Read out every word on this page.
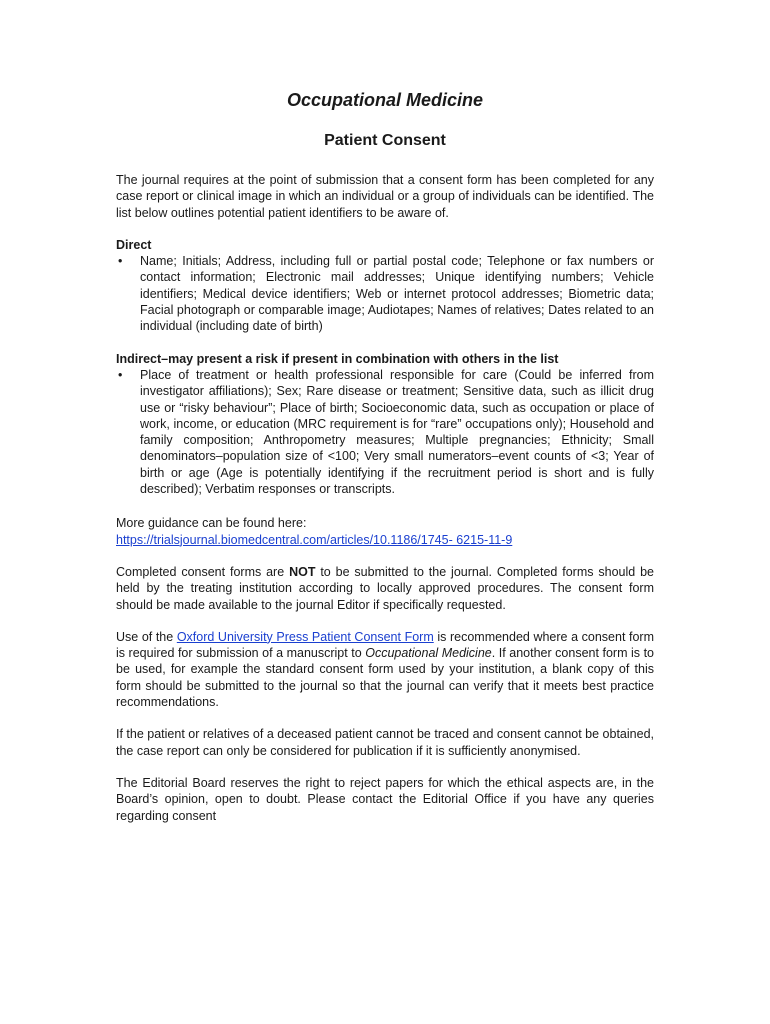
Occupational Medicine
Patient Consent

The journal requires at the point of submission that a consent form has been completed for any case report or clinical image in which an individual or a group of individuals can be identified. The list below outlines potential patient identifiers to be aware of.

Direct
• Name; Initials; Address, including full or partial postal code; Telephone or fax numbers or contact information; Electronic mail addresses; Unique identifying numbers; Vehicle identifiers; Medical device identifiers; Web or internet protocol addresses; Biometric data; Facial photograph or comparable image; Audiotapes; Names of relatives; Dates related to an individual (including date of birth)
Indirect–may present a risk if present in combination with others in the list
• Place of treatment or health professional responsible for care (Could be inferred from investigator affiliations); Sex; Rare disease or treatment; Sensitive data, such as illicit drug use or “risky behaviour”; Place of birth; Socioeconomic data, such as occupation or place of work, income, or education (MRC requirement is for “rare” occupations only); Household and family composition; Anthropometry measures; Multiple pregnancies; Ethnicity; Small denominators–population size of <100; Very small numerators–event counts of <3; Year of birth or age (Age is potentially identifying if the recruitment period is short and is fully described); Verbatim responses or transcripts.

More guidance can be found here:
https://trialsjournal.biomedcentral.com/articles/10.1186/1745- 6215-11-9

Completed consent forms are NOT to be submitted to the journal. Completed forms should be held by the treating institution according to locally approved procedures. The consent form should be made available to the journal Editor if specifically requested.

Use of the Oxford University Press Patient Consent Form is recommended where a consent form is required for submission of a manuscript to Occupational Medicine. If another consent form is to be used, for example the standard consent form used by your institution, a blank copy of this form should be submitted to the journal so that the journal can verify that it meets best practice recommendations.

If the patient or relatives of a deceased patient cannot be traced and consent cannot be obtained, the case report can only be considered for publication if it is sufficiently anonymised.

The Editorial Board reserves the right to reject papers for which the ethical aspects are, in the Board’s opinion, open to doubt. Please contact the Editorial Office if you have any queries regarding consent
